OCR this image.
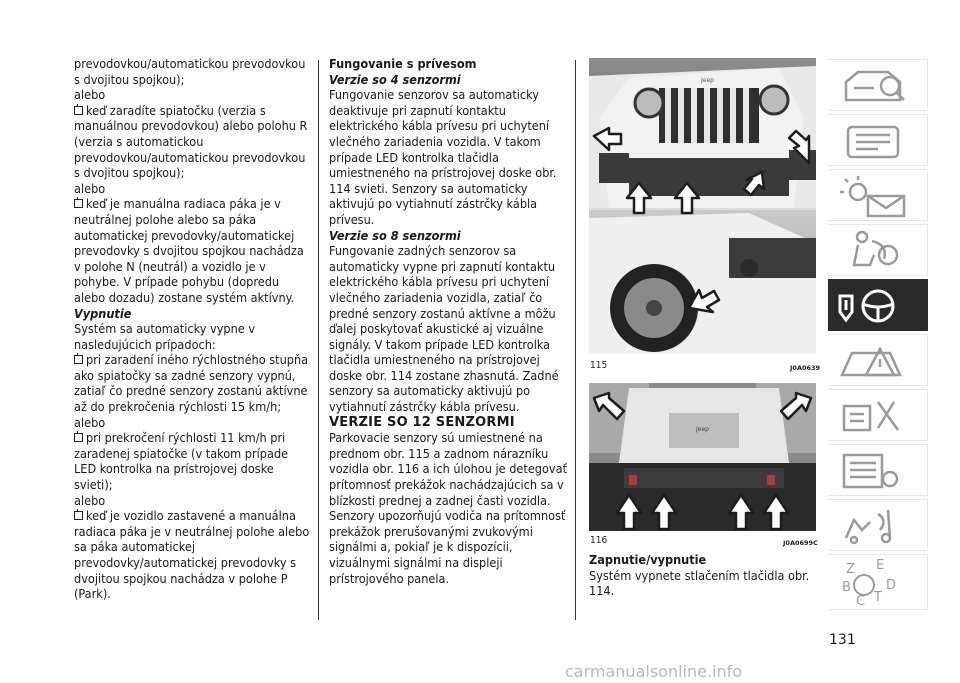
prevodovkou/automatickou prevodovkou s dvojitou spojkou);

alebo

keď zaradíte spiatočku (verzia s manuálnou prevodovkou) alebo polohu R (verzia s automatickou prevodovkou/automatickou prevodovkou s dvojitou spojkou);

alebo

keď je manuálna radiaca páka je v neutrálnej polohe alebo sa páka automatickej prevodovky/automatickej prevodovky s dvojitou spojkou nachádza v polohe N (neutrál) a vozidlo je v pohybe. V prípade pohybu (dopredu alebo dozadu) zostane systém aktívny.

Vypnutie

Systém sa automaticky vypne v nasledujúcich prípadoch:

pri zaradení iného rýchlostného stupňa ako spiatočky sa zadné senzory vypnú, zatiaľ čo predné senzory zostanú aktívne až do prekročenia rýchlosti 15 km/h;

alebo

pri prekročení rýchlosti 11 km/h pri zaradenej spiatočke (v takom prípade LED kontrolka na prístrojovej doske svieti);

alebo

keď je vozidlo zastavené a manuálna radiaca páka je v neutrálnej polohe alebo sa páka automatickej prevodovky/automatickej prevodovky s dvojitou spojkou nachádza v polohe P (Park).

Fungovanie s prívesom

Verzie so 4 senzormi

Fungovanie senzorov sa automaticky deaktivuje pri zapnutí kontaktu elektrického kábla prívesu pri uchytení vlečného zariadenia vozidla. V takom prípade LED kontrolka tlačidla umiestneného na prístrojovej doske obr. 114 svieti. Senzory sa automaticky aktivujú po vytiahnutí zástrčky kábla prívesu.

Verzie so 8 senzormi

Fungovanie zadných senzorov sa automaticky vypne pri zapnutí kontaktu elektrického kábla prívesu pri uchytení vlečného zariadenia vozidla, zatiaľ čo predné senzory zostanú aktívne a môžu ďalej poskytovať akustické aj vizuálne signály. V takom prípade LED kontrolka tlačidla umiestneného na prístrojovej doske obr. 114 zostane zhasnutá. Zadné senzory sa automaticky aktivujú po vytiahnutí zástrčky kábla prívesu.

VERZIE SO 12 SENZORMI

Parkovacie senzory sú umiestnené na prednom obr. 115 a zadnom nárazníku vozidla obr. 116 a ich úlohou je detegovať prítomnosť prekážok nachádzajúcich sa v blízkosti prednej a zadnej časti vozidla.

Senzory upozorňujú vodiča na prítomnosť prekážok prerušovanými zvukovými signálmi a, pokiaľ je k dispozícii, vizuálnymi signálmi na displeji prístrojového panela.

Jeep
115	J0A0639
Jeep
116	J0A0699C

Zapnutie/vypnutie

Systém vypnete stlačením tlačidla obr. 114.

Z E
B
C T
D
131
carmanualsonline.info
